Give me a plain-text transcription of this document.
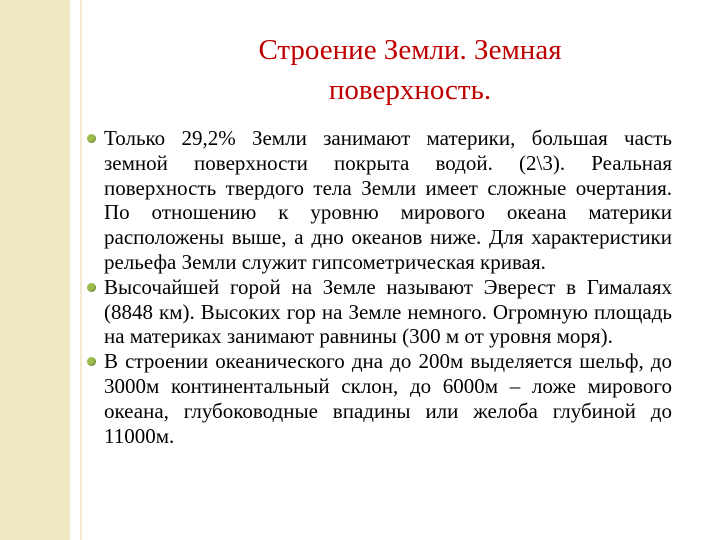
Строение Земли. Земная
поверхность.
Только 29,2% Земли занимают материки, большая часть земной поверхности покрыта водой. (2\3). Реальная поверхность твердого тела Земли имеет сложные очертания. По отношению к уровню мирового океана материки расположены выше, а дно океанов ниже. Для характеристики рельефа Земли служит гипсометрическая кривая.
Высочайшей горой на Земле называют Эверест в Гималаях (8848 км). Высоких гор на Земле немного. Огромную площадь на материках занимают равнины (300 м от уровня моря).
В строении океанического дна до 200м выделяется шельф, до 3000м континентальный склон, до 6000м – ложе мирового океана, глубоководные впадины или желоба глубиной до 11000м.
